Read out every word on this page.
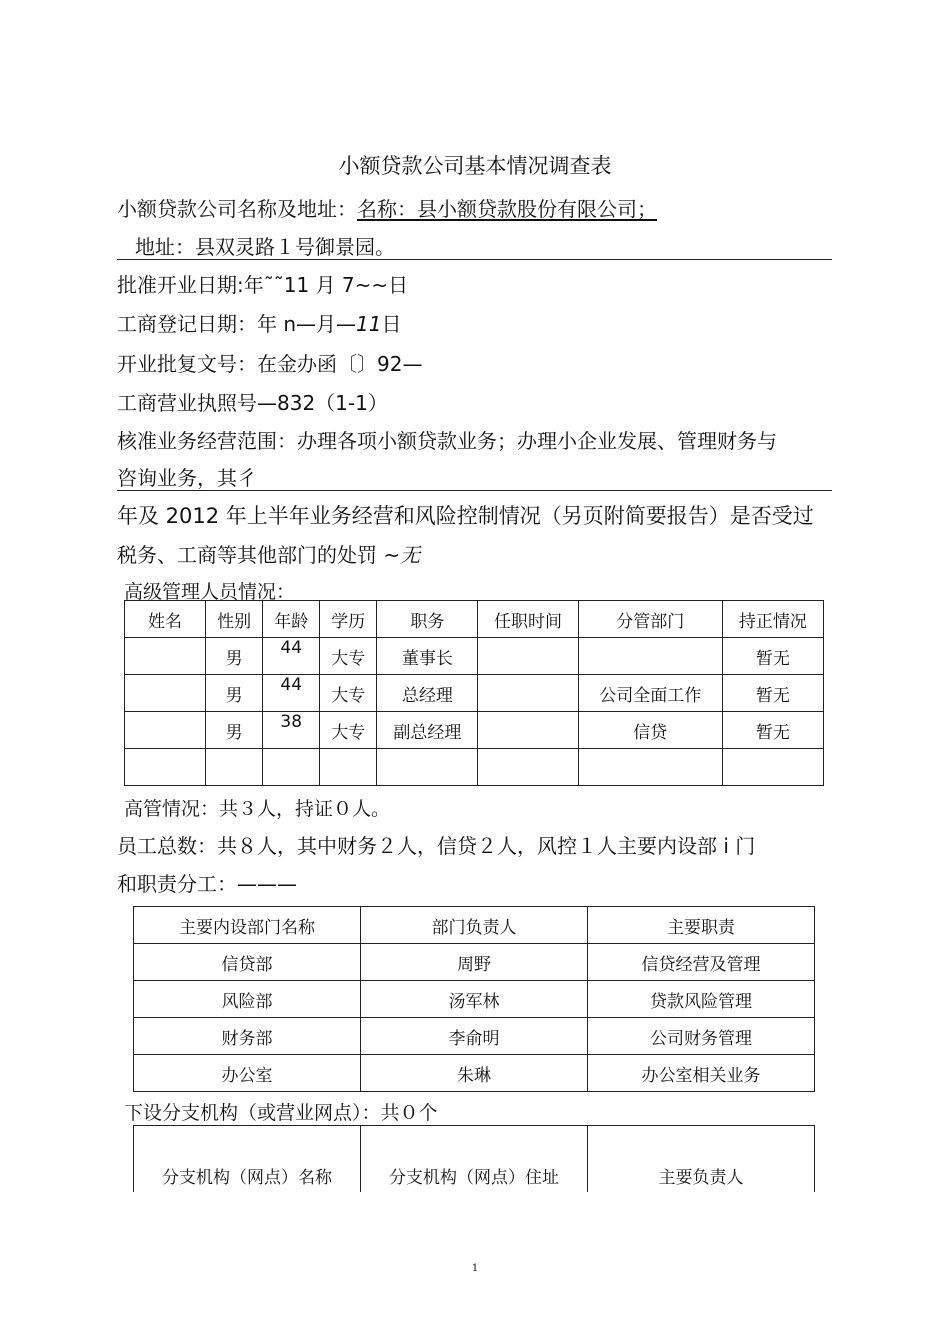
小额贷款公司基本情况调查表
小额贷款公司名称及地址：名称：县小额贷款股份有限公司；
地址：县双灵路１号御景园。
批准开业日期:年˜˜11 月 7~~日
工商登记日期：年 n—月—11日
开业批复文号：在金办函〔〕92—
工商营业执照号—832（1-1）
核准业务经营范围：办理各项小额贷款业务；办理小企业发展、管理财务与
咨询业务，其彳
年及 2012 年上半年业务经营和风险控制情况（另页附简要报告）是否受过
税务、工商等其他部门的处罚 ~无
高级管理人员情况：
姓名	性别	年龄	学历	职务	任职时间	分管部门	持正情况
	男	44	大专	董事长			暂无
	男	44	大专	总经理		公司全面工作	暂无
	男	38	大专	副总经理		信贷	暂无

高管情况：共３人，持证０人。
员工总数：共８人，其中财务２人，信贷２人，风控１人主要内设部 i 门
和职责分工：———
主要内设部门名称	部门负责人	主要职责
信贷部	周野	信贷经营及管理
风险部	汤军林	贷款风险管理
财务部	李俞明	公司财务管理
办公室	朱琳	办公室相关业务
下设分支机构（或营业网点）：共０个
分支机构（网点）名称	分支机构（网点）住址	主要负责人
1
